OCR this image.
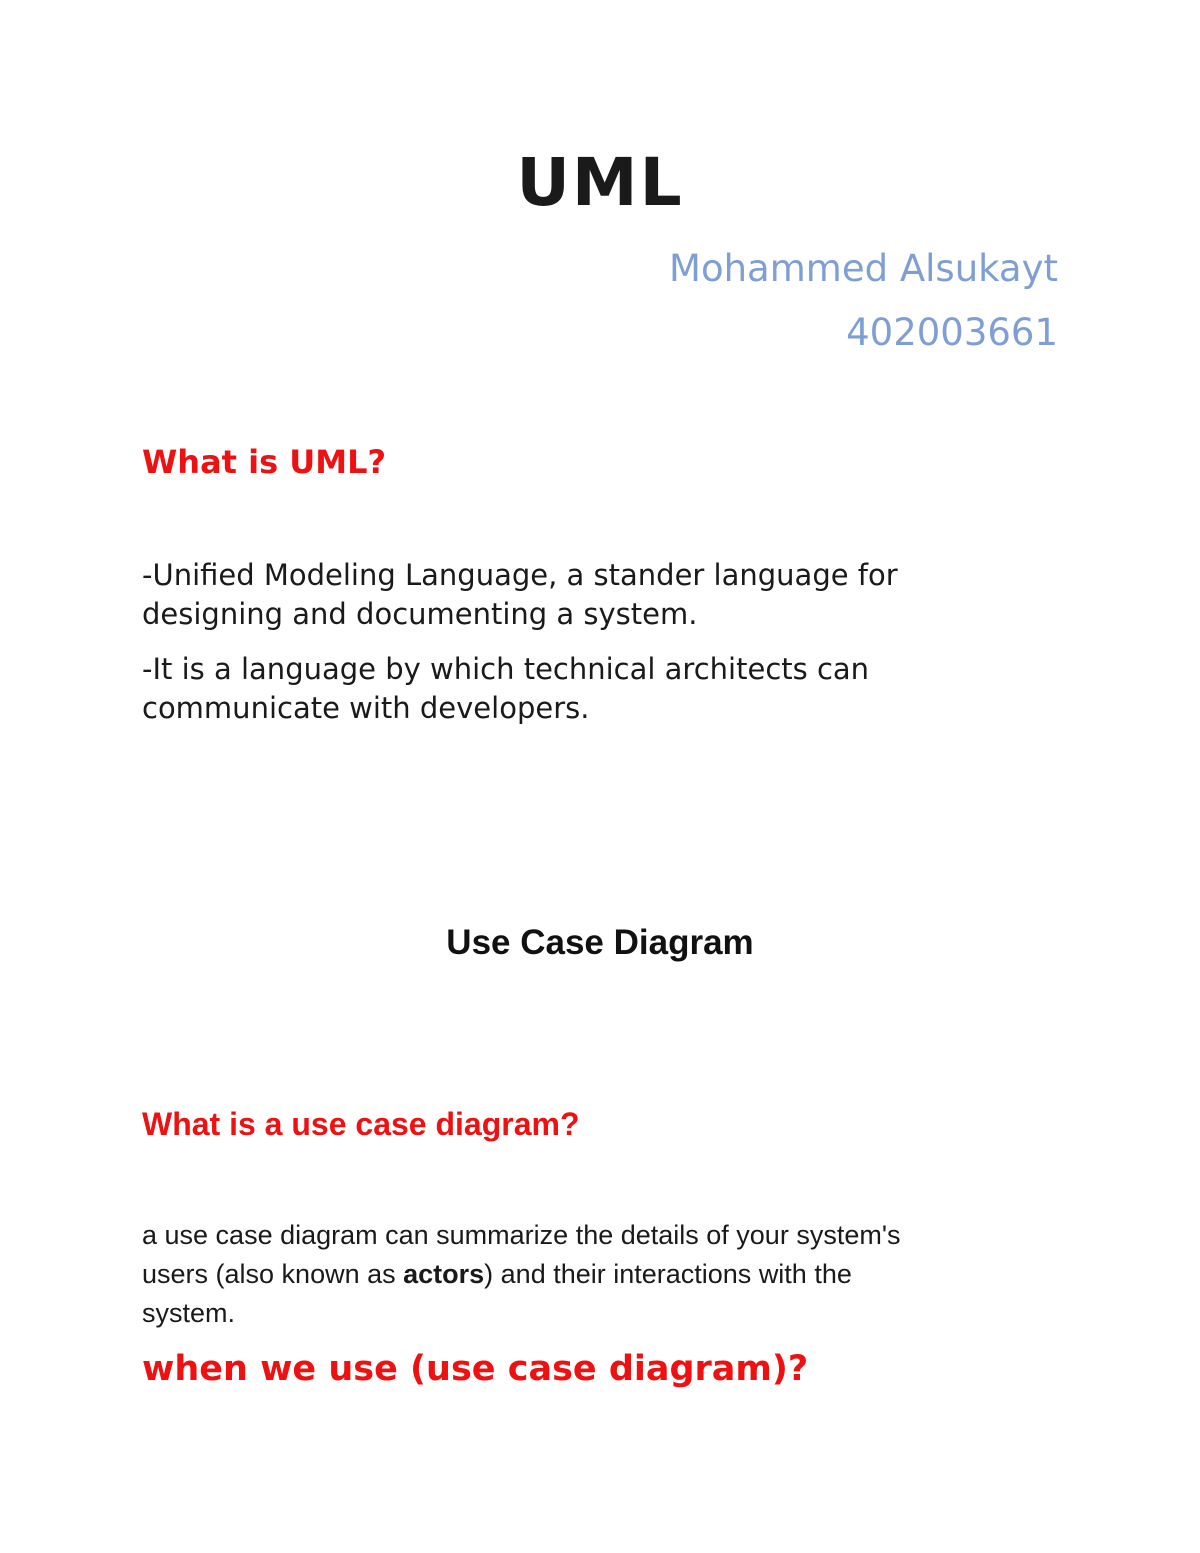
UML
Mohammed Alsukayt
402003661
What is UML?
-Unified Modeling Language, a stander language for
designing and documenting a system.
-It is a language by which technical architects can
communicate with developers.
Use Case Diagram
What is a use case diagram?
a use case diagram can summarize the details of your system's
users (also known as actors) and their interactions with the
system.
when we use (use case diagram)?
